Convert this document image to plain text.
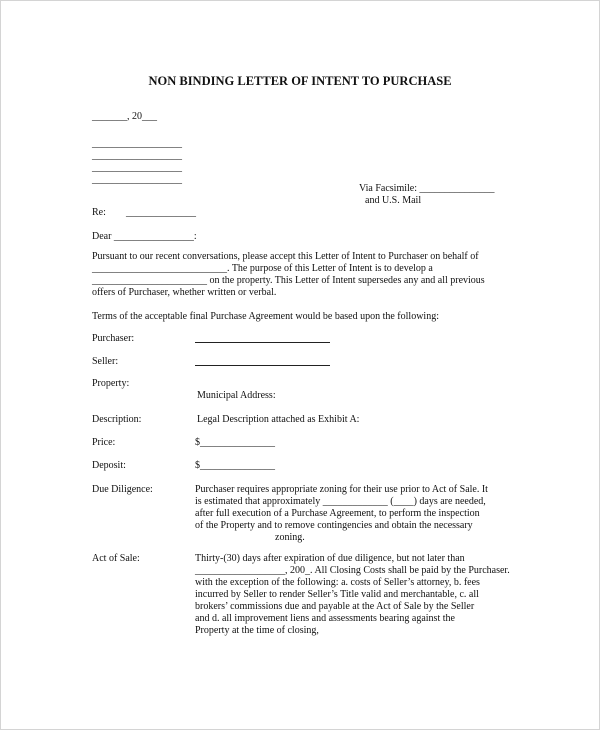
NON BINDING LETTER OF INTENT TO PURCHASE
_______, 20___
__________________
__________________
__________________
__________________
Via Facsimile: _______________
and U.S. Mail
Re: ______________
Dear ________________:
Pursuant to our recent conversations, please accept this Letter of Intent to Purchaser on behalf of
___________________________. The purpose of this Letter of Intent is to develop a
_______________________ on the property. This Letter of Intent supersedes any and all previous
offers of Purchaser, whether written or verbal.
Terms of the acceptable final Purchase Agreement would be based upon the following:
Purchaser:
Seller:
Property:
Municipal Address:
Description:	Legal Description attached as Exhibit A:
Price:	$_______________
Deposit:	$_______________
Due Diligence:	Purchaser requires appropriate zoning for their use prior to Act of Sale. It
is estimated that approximately _____________ (____) days are needed,
after full execution of a Purchase Agreement, to perform the inspection
of the Property and to remove contingencies and obtain the necessary
zoning.
Act of Sale:	Thirty-(30) days after expiration of due diligence, but not later than
__________________, 200_. All Closing Costs shall be paid by the Purchaser.
with the exception of the following: a. costs of Seller’s attorney, b. fees
incurred by Seller to render Seller’s Title valid and merchantable, c. all
brokers’ commissions due and payable at the Act of Sale by the Seller
and d. all improvement liens and assessments bearing against the
Property at the time of closing,
